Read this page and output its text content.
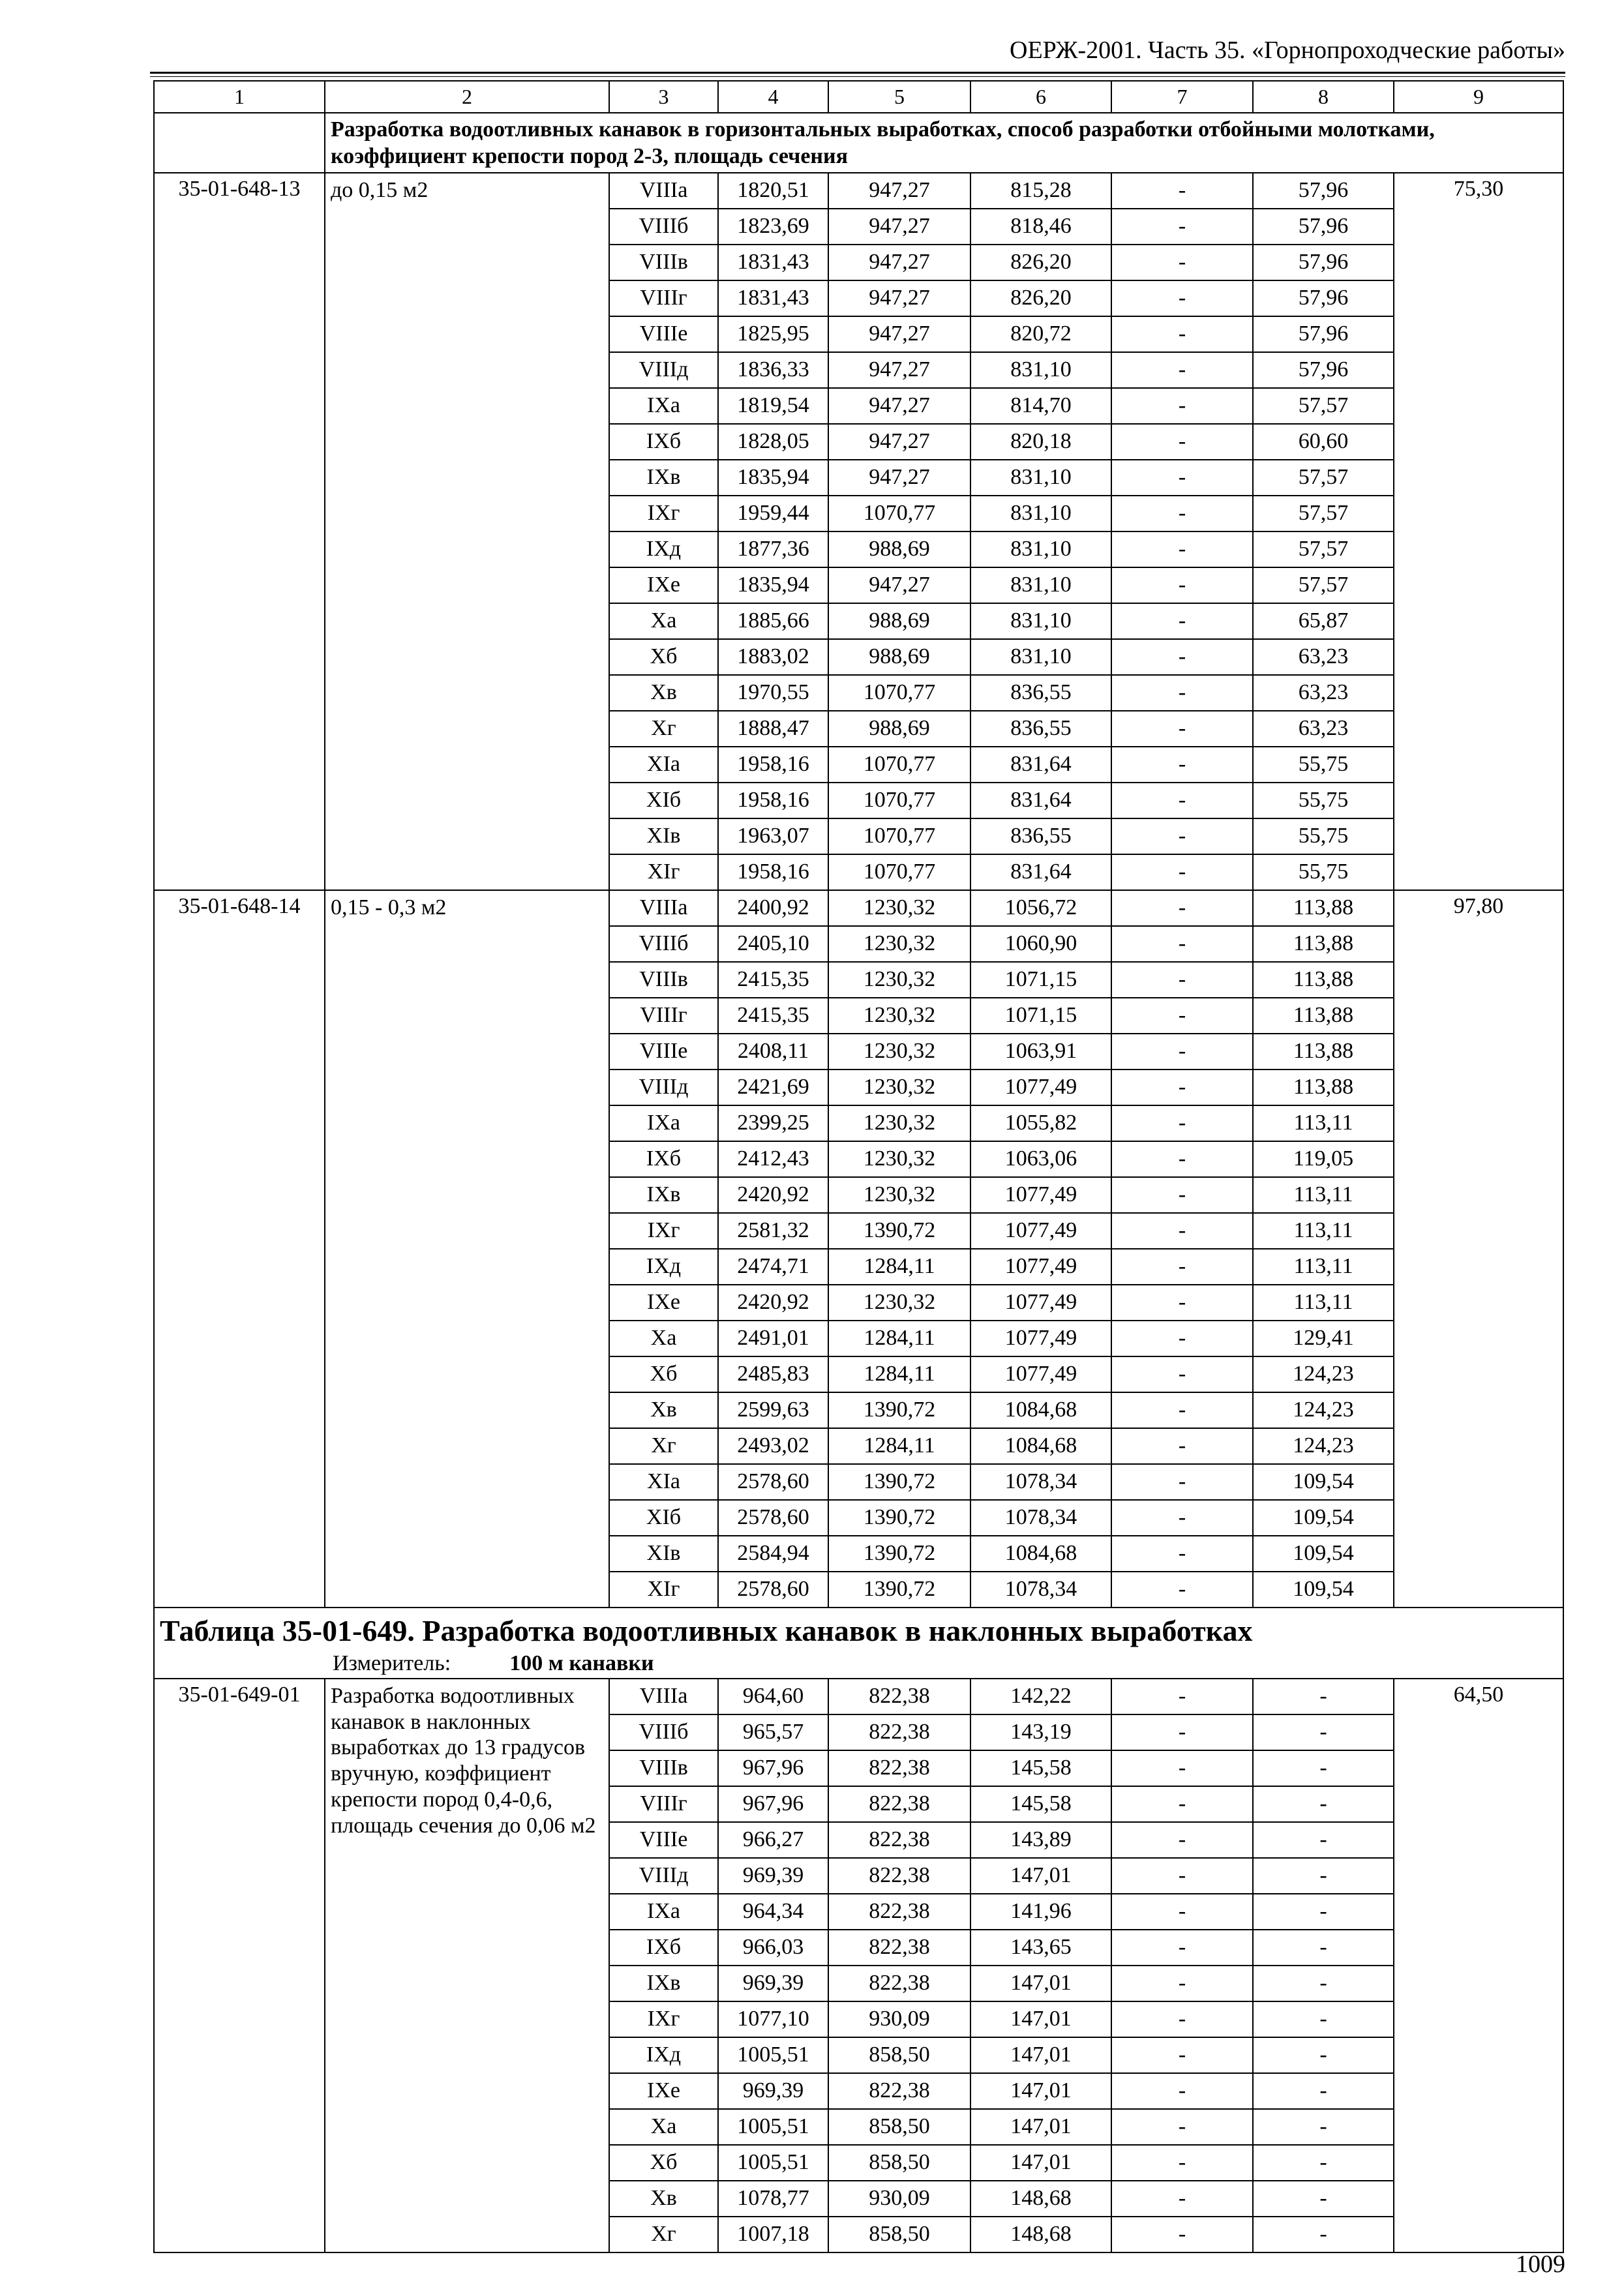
ОЕРЖ-2001. Часть 35. «Горнопроходческие работы»
1	2	3	4	5	6	7	8	9
	Разработка водоотливных канавок в горизонтальных выработках, способ разработки отбойными молотками, коэффициент крепости пород 2-3, площадь сечения							
35-01-648-13	до 0,15 м2	VIIIа	1820,51	947,27	815,28	-	57,96	75,30
		VIIIб	1823,69	947,27	818,46	-	57,96	
		VIIIв	1831,43	947,27	826,20	-	57,96	
		VIIIг	1831,43	947,27	826,20	-	57,96	
		VIIIе	1825,95	947,27	820,72	-	57,96	
		VIIIд	1836,33	947,27	831,10	-	57,96	
		IXа	1819,54	947,27	814,70	-	57,57	
		IXб	1828,05	947,27	820,18	-	60,60	
		IXв	1835,94	947,27	831,10	-	57,57	
		IXг	1959,44	1070,77	831,10	-	57,57	
		IXд	1877,36	988,69	831,10	-	57,57	
		IXе	1835,94	947,27	831,10	-	57,57	
		Xа	1885,66	988,69	831,10	-	65,87	
		Xб	1883,02	988,69	831,10	-	63,23	
		Xв	1970,55	1070,77	836,55	-	63,23	
		Xг	1888,47	988,69	836,55	-	63,23	
		XIа	1958,16	1070,77	831,64	-	55,75	
		XIб	1958,16	1070,77	831,64	-	55,75	
		XIв	1963,07	1070,77	836,55	-	55,75	
		XIг	1958,16	1070,77	831,64	-	55,75	
35-01-648-14	0,15 - 0,3 м2	VIIIа	2400,92	1230,32	1056,72	-	113,88	97,80
		VIIIб	2405,10	1230,32	1060,90	-	113,88	
		VIIIв	2415,35	1230,32	1071,15	-	113,88	
		VIIIг	2415,35	1230,32	1071,15	-	113,88	
		VIIIе	2408,11	1230,32	1063,91	-	113,88	
		VIIIд	2421,69	1230,32	1077,49	-	113,88	
		IXа	2399,25	1230,32	1055,82	-	113,11	
		IXб	2412,43	1230,32	1063,06	-	119,05	
		IXв	2420,92	1230,32	1077,49	-	113,11	
		IXг	2581,32	1390,72	1077,49	-	113,11	
		IXд	2474,71	1284,11	1077,49	-	113,11	
		IXе	2420,92	1230,32	1077,49	-	113,11	
		Xа	2491,01	1284,11	1077,49	-	129,41	
		Xб	2485,83	1284,11	1077,49	-	124,23	
		Xв	2599,63	1390,72	1084,68	-	124,23	
		Xг	2493,02	1284,11	1084,68	-	124,23	
		XIа	2578,60	1390,72	1078,34	-	109,54	
		XIб	2578,60	1390,72	1078,34	-	109,54	
		XIв	2584,94	1390,72	1084,68	-	109,54	
		XIг	2578,60	1390,72	1078,34	-	109,54	

Таблица 35-01-649. Разработка водоотливных канавок в наклонных выработках
Измеритель: 100 м канавки								

35-01-649-01	Разработка водоотливных канавок в наклонных выработках до 13 градусов вручную, коэффициент крепости пород 0,4-0,6, площадь сечения до 0,06 м2	VIIIа	964,60	822,38	142,22	-	-	64,50
		VIIIб	965,57	822,38	143,19	-	-	
		VIIIв	967,96	822,38	145,58	-	-	
		VIIIг	967,96	822,38	145,58	-	-	
		VIIIе	966,27	822,38	143,89	-	-	
		VIIIд	969,39	822,38	147,01	-	-	
		IXа	964,34	822,38	141,96	-	-	
		IXб	966,03	822,38	143,65	-	-	
		IXв	969,39	822,38	147,01	-	-	
		IXг	1077,10	930,09	147,01	-	-	
		IXд	1005,51	858,50	147,01	-	-	
		IXе	969,39	822,38	147,01	-	-	
		Xа	1005,51	858,50	147,01	-	-	
		Xб	1005,51	858,50	147,01	-	-	
		Xв	1078,77	930,09	148,68	-	-	
		Xг	1007,18	858,50	148,68	-	-	
1009
